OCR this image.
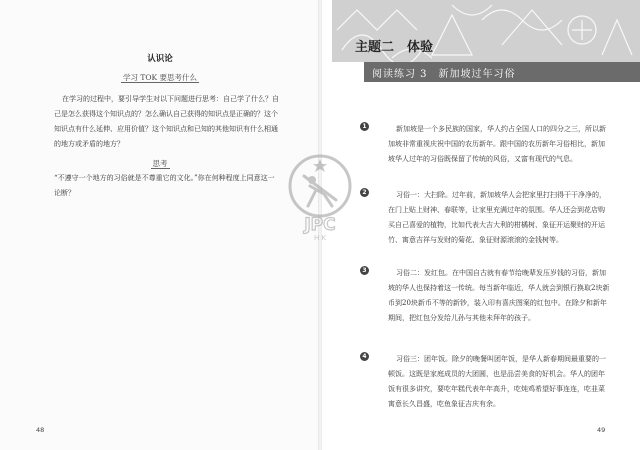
认识论
学习 TOK 要思考什么

在学习的过程中，要引导学生对以下问题进行思考：自己学了什么？自己是怎么获得这个知识点的？怎么确认自己获得的知识点是正确的？这个知识点有什么延伸、应用价值？这个知识点和已知的其他知识有什么相通的地方或矛盾的地方？

思考

“不遵守一个地方的习俗就是不尊重它的文化。”你在何种程度上同意这一论断？

48
JPC
H K
主题二　体验
阅读练习 3　新加坡过年习俗
1	新加坡是一个多民族的国家，华人约占全国人口的四分之三，所以新加坡非常重视庆祝中国的农历新年。跟中国的农历新年习俗相比，新加坡华人过年的习俗既保留了传统的风俗，又富有现代的气息。

2	习俗一：大扫除。过年前，新加坡华人会把家里打扫得干干净净的，在门上贴上财神、春联等，让家里充满过年的氛围。华人还会到花店购买自己喜爱的植物，比如代表大吉大利的柑橘树、象征开运聚财的开运竹、寓意吉祥与发财的菊花、象征财源滚滚的金钱树等。

3	习俗二：发红包。在中国自古就有春节给晚辈发压岁钱的习俗，新加坡的华人也保持着这一传统。每当新年临近，华人就会到银行换取2块新币到20块新币不等的新钞，装入印有喜庆图案的红包中。在除夕和新年期间，把红包分发给儿孙与其他未拜年的孩子。

4	习俗三：团年饭。除夕的晚餐叫团年饭，是华人新春期间最重要的一顿饭。这既是家庭成员的大团圆，也是品尝美食的好机会。华人的团年饭有很多讲究，要吃年糕代表年年高升，吃炖鸡希望好事连连，吃韭菜寓意长久昌盛，吃鱼象征吉庆有余。

49
